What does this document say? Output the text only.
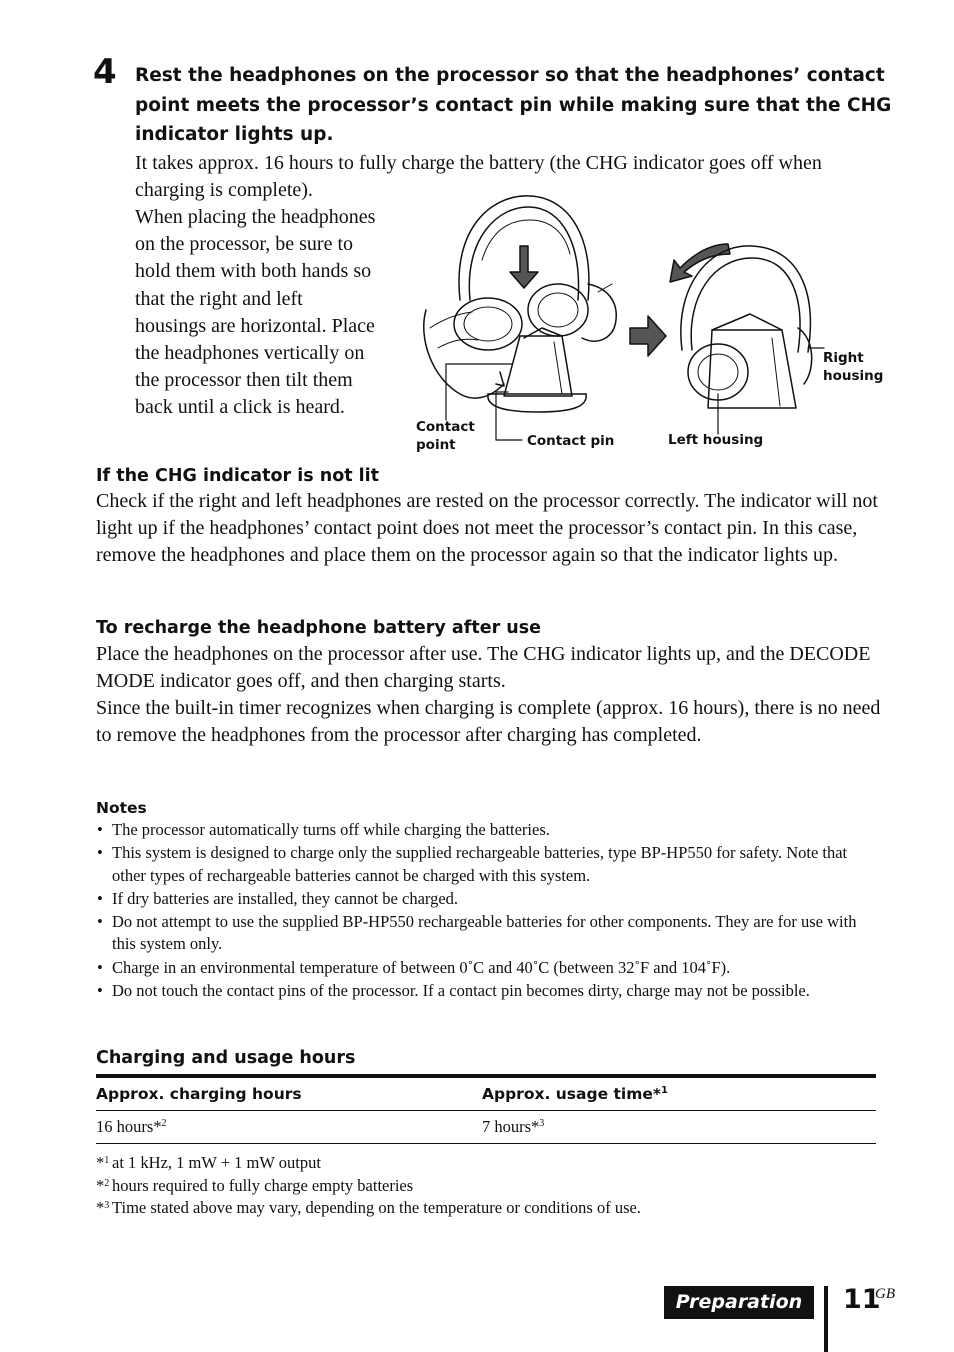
4 Rest the headphones on the processor so that the headphones’ contact point meets the processor’s contact pin while making sure that the CHG indicator lights up.
It takes approx. 16 hours to fully charge the battery (the CHG indicator goes off when charging is complete).
When placing the headphones
on the processor, be sure to
hold them with both hands so
that the right and left
housings are horizontal. Place
the headphones vertically on
the processor then tilt them
back until a click is heard.
Contact
point	Contact pin	Left housing
Right
housing
If the CHG indicator is not lit
Check if the right and left headphones are rested on the processor correctly. The indicator will not light up if the headphones’ contact point does not meet the processor’s contact pin. In this case, remove the headphones and place them on the processor again so that the indicator lights up.
To recharge the headphone battery after use
Place the headphones on the processor after use. The CHG indicator lights up, and the DECODE MODE indicator goes off, and then charging starts.
Since the built-in timer recognizes when charging is complete (approx. 16 hours), there is no need to remove the headphones from the processor after charging has completed.
Notes
• The processor automatically turns off while charging the batteries.
• This system is designed to charge only the supplied rechargeable batteries, type BP-HP550 for safety. Note that other types of rechargeable batteries cannot be charged with this system.
• If dry batteries are installed, they cannot be charged.
• Do not attempt to use the supplied BP-HP550 rechargeable batteries for other components. They are for use with this system only.
• Charge in an environmental temperature of between 0˚C and 40˚C (between 32˚F and 104˚F).
• Do not touch the contact pins of the processor. If a contact pin becomes dirty, charge may not be possible.
Charging and usage hours
Approx. charging hours	Approx. usage time*$^1$
16 hours*$^2$	7 hours*$^3$
*$^1$ at 1 kHz, 1 mW + 1 mW output
*$^2$ hours required to fully charge empty batteries
*$^3$ Time stated above may vary, depending on the temperature or conditions of use.
Preparation	11
GB
